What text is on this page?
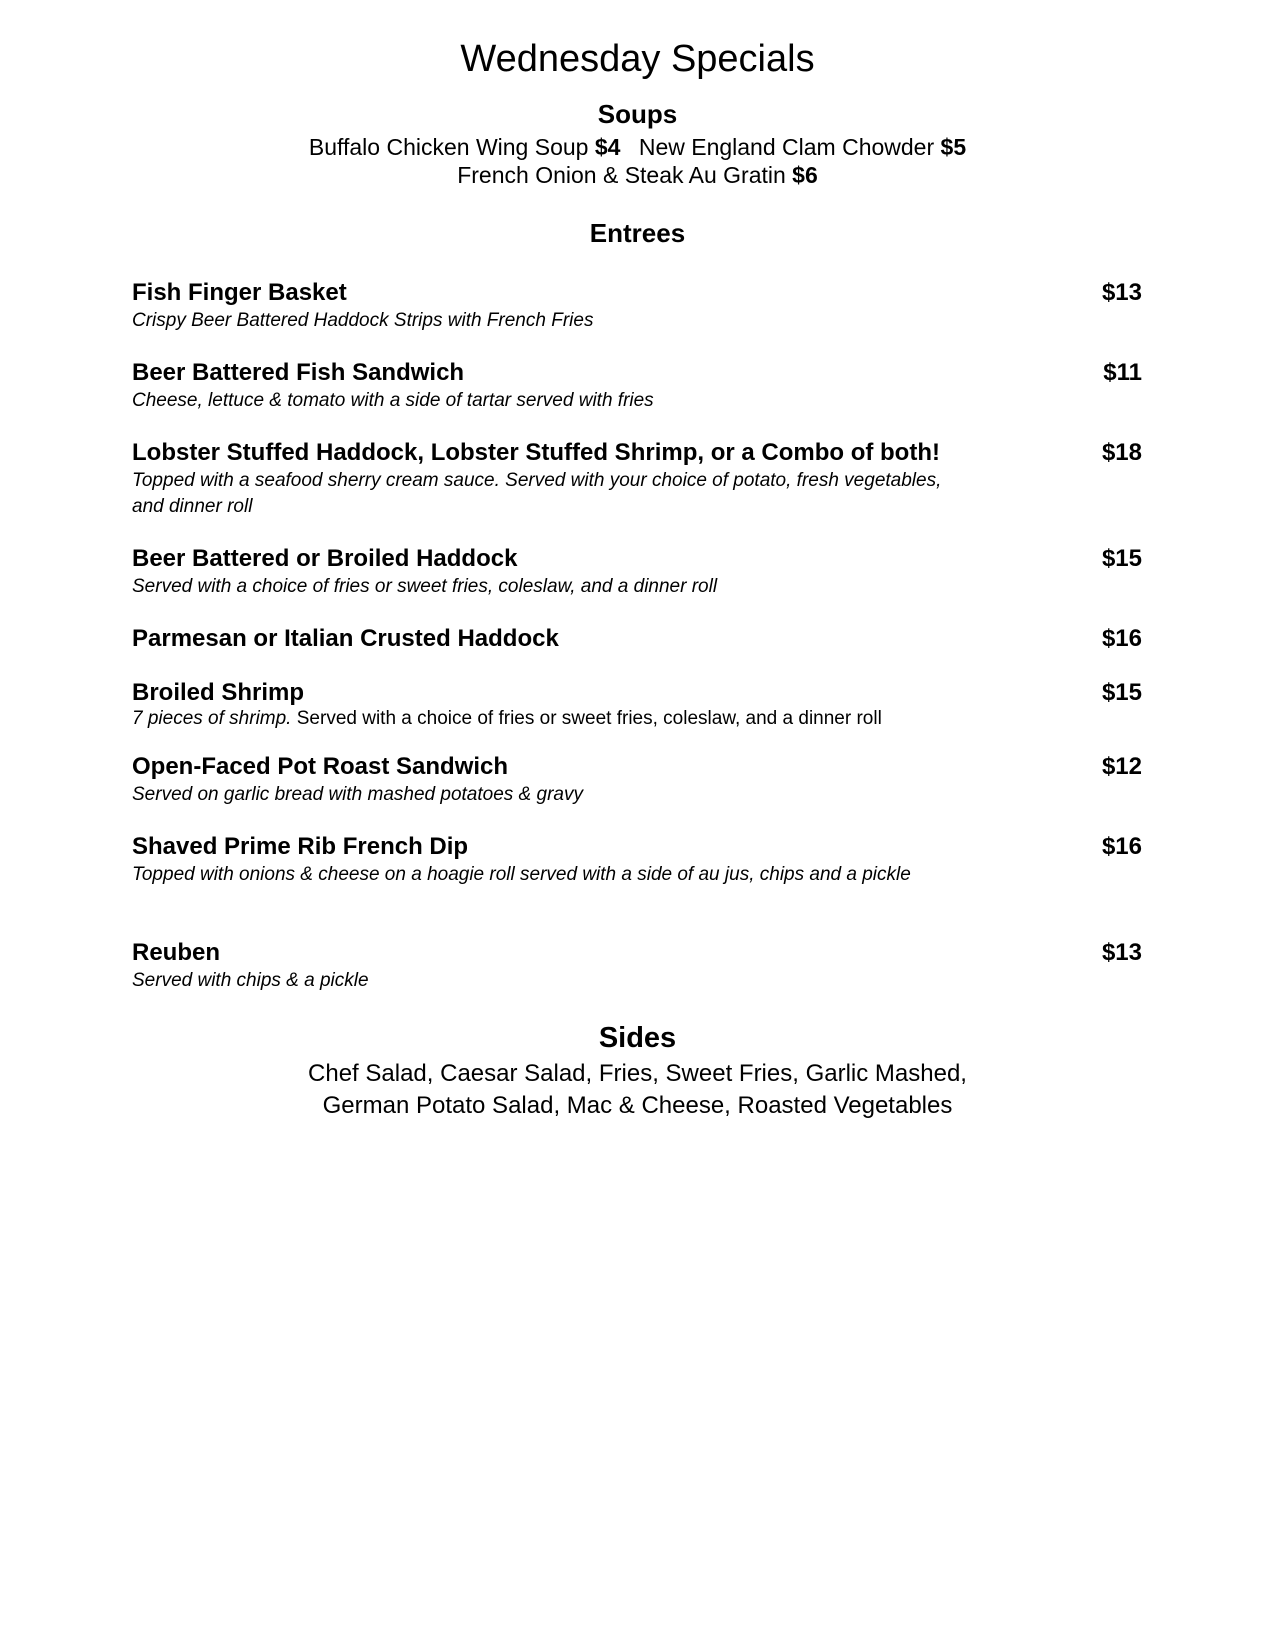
Wednesday Specials
Soups
Buffalo Chicken Wing Soup $4 New England Clam Chowder $5
French Onion & Steak Au Gratin $6
Entrees
Fish Finger Basket	$13
Crispy Beer Battered Haddock Strips with French Fries
Beer Battered Fish Sandwich	$11
Cheese, lettuce & tomato with a side of tartar served with fries
Lobster Stuffed Haddock, Lobster Stuffed Shrimp, or a Combo of both!	$18
Topped with a seafood sherry cream sauce. Served with your choice of potato, fresh vegetables, and dinner roll
Beer Battered or Broiled Haddock	$15
Served with a choice of fries or sweet fries, coleslaw, and a dinner roll
Parmesan or Italian Crusted Haddock	$16
Broiled Shrimp	$15
7 pieces of shrimp. Served with a choice of fries or sweet fries, coleslaw, and a dinner roll
Open-Faced Pot Roast Sandwich	$12
Served on garlic bread with mashed potatoes & gravy
Shaved Prime Rib French Dip	$16
Topped with onions & cheese on a hoagie roll served with a side of au jus, chips and a pickle
Reuben	$13
Served with chips & a pickle
Sides
Chef Salad, Caesar Salad, Fries, Sweet Fries, Garlic Mashed,
German Potato Salad, Mac & Cheese, Roasted Vegetables
